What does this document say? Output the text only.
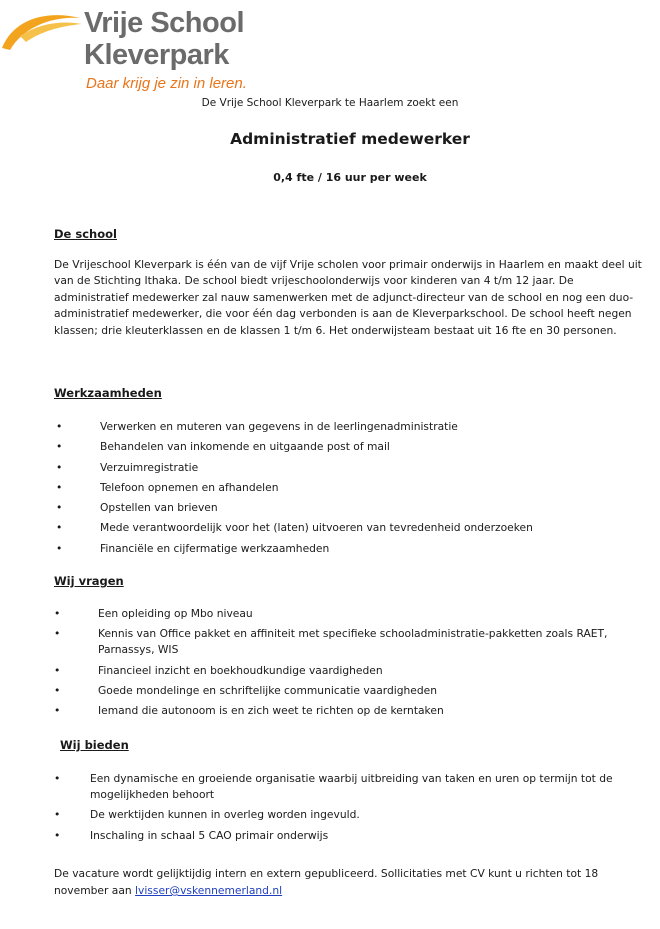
Vrije School
Kleverpark
Daar krijg je zin in leren.
De Vrije School Kleverpark te Haarlem zoekt een
Administratief medewerker
0,4 fte / 16 uur per week
De school
De Vrijeschool Kleverpark is één van de vijf Vrije scholen voor primair onderwijs in Haarlem en maakt deel uit van de Stichting Ithaka. De school biedt vrijeschoolonderwijs voor kinderen van 4 t/m 12 jaar. De administratief medewerker zal nauw samenwerken met de adjunct-directeur van de school en nog een duo-administratief medewerker, die voor één dag verbonden is aan de Kleverparkschool. De school heeft negen klassen; drie kleuterklassen en de klassen 1 t/m 6. Het onderwijsteam bestaat uit 16 fte en 30 personen.
Werkzaamheden
• Verwerken en muteren van gegevens in de leerlingenadministratie
• Behandelen van inkomende en uitgaande post of mail
• Verzuimregistratie
• Telefoon opnemen en afhandelen
• Opstellen van brieven
• Mede verantwoordelijk voor het (laten) uitvoeren van tevredenheid onderzoeken
• Financiële en cijfermatige werkzaamheden
Wij vragen
• Een opleiding op Mbo niveau
• Kennis van Office pakket en affiniteit met specifieke schooladministratie-pakketten zoals RAET, Parnassys, WIS
• Financieel inzicht en boekhoudkundige vaardigheden
• Goede mondelinge en schriftelijke communicatie vaardigheden
• Iemand die autonoom is en zich weet te richten op de kerntaken
Wij bieden
• Een dynamische en groeiende organisatie waarbij uitbreiding van taken en uren op termijn tot de mogelijkheden behoort
• De werktijden kunnen in overleg worden ingevuld.
• Inschaling in schaal 5 CAO primair onderwijs
De vacature wordt gelijktijdig intern en extern gepubliceerd. Sollicitaties met CV kunt u richten tot 18 november aan lvisser@vskennemerland.nl
